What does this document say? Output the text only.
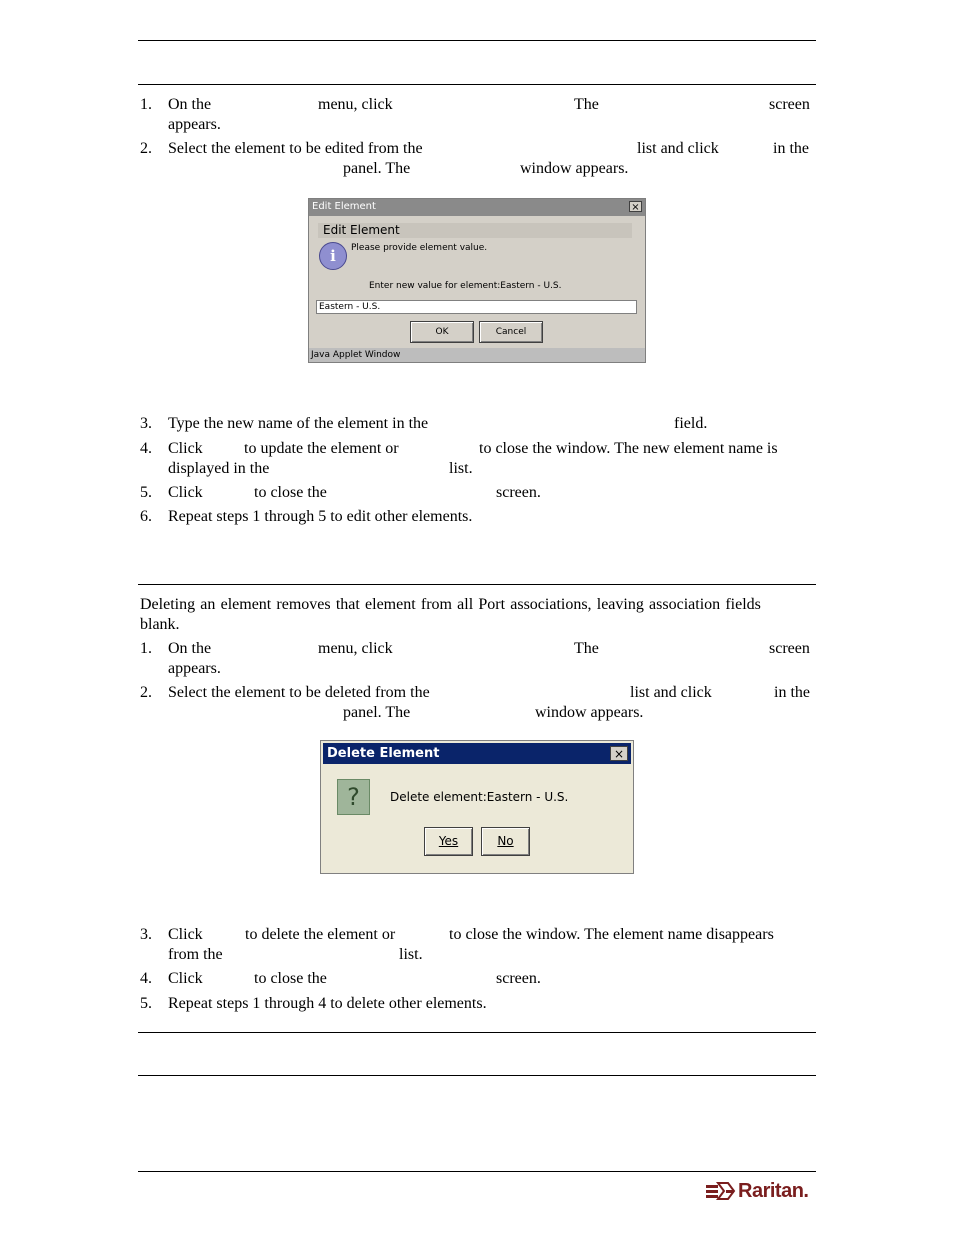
1. On the	menu, click	The	screen
appears.
2. Select the element to be edited from the	list and click	in the
panel. The	window appears.
Edit Element	×
Edit Element
i	Please provide element value.
Enter new value for element:Eastern - U.S.
Eastern - U.S.
OK	Cancel
Java Applet Window
3. Type the new name of the element in the	field.
4. Click	to update the element or	to close the window. The new element name is
displayed in the	list.
5. Click	to close the	screen.
6. Repeat steps 1 through 5 to edit other elements.
Deleting an element removes that element from all Port associations, leaving association fields
blank.
1. On the	menu, click	The	screen
appears.
2. Select the element to be deleted from the	list and click	in the
panel. The	window appears.
Delete Element	×
?	Delete element:Eastern - U.S.
Yes	No
3. Click	to delete the element or	to close the window. The element name disappears
from the	list.
4. Click	to close the	screen.
5. Repeat steps 1 through 4 to delete other elements.
Raritan.
